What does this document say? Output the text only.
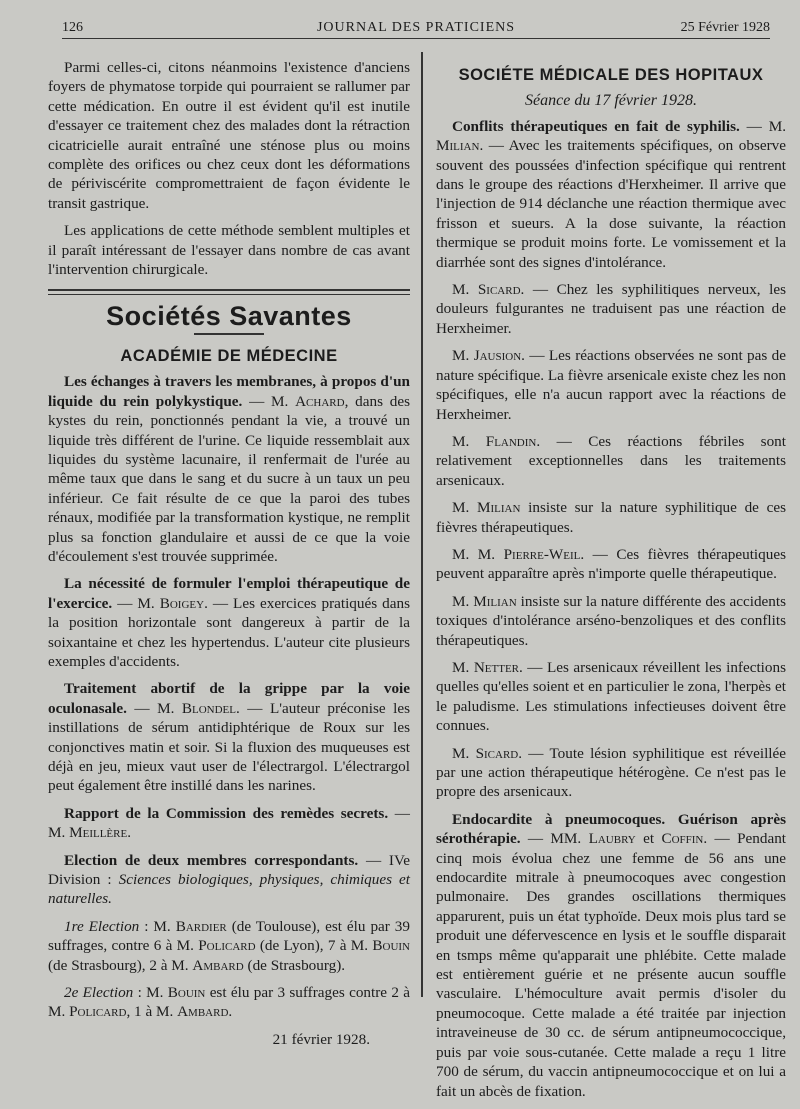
126	JOURNAL DES PRATICIENS	25 Février 1928

Parmi celles-ci, citons néanmoins l'existence d'anciens foyers de phymatose torpide qui pourraient se rallumer par cette médication. En outre il est évident qu'il est inutile d'essayer ce traitement chez des malades dont la rétraction cicatricielle aurait entraîné une sténose plus ou moins complète des orifices ou chez ceux dont les déformations de périviscérite compromettraient de façon évidente le transit gastrique.

Les applications de cette méthode semblent multiples et il paraît intéressant de l'essayer dans nombre de cas avant l'intervention chirurgicale.

Sociétés Savantes
ACADÉMIE DE MÉDECINE

Les échanges à travers les membranes, à propos d'un liquide du rein polykystique. — M. Achard, dans des kystes du rein, ponctionnés pendant la vie, a trouvé un liquide très différent de l'urine. Ce liquide ressemblait aux liquides du système lacunaire, il renfermait de l'urée au même taux que dans le sang et du sucre à un taux un peu inférieur. Ce fait résulte de ce que la paroi des tubes rénaux, modifiée par la transformation kystique, ne remplit plus sa fonction glandulaire et aussi de ce que la voie d'écoulement s'est trouvée supprimée.

La nécessité de formuler l'emploi thérapeutique de l'exercice. — M. Boigey. — Les exercices pratiqués dans la position horizontale sont dangereux à partir de la soixantaine et chez les hypertendus. L'auteur cite plusieurs exemples d'accidents.

Traitement abortif de la grippe par la voie oculonasale. — M. Blondel. — L'auteur préconise les instillations de sérum antidiphtérique de Roux sur les conjonctives matin et soir. Si la fluxion des muqueuses est déjà en jeu, mieux vaut user de l'électrargol. L'électrargol peut également être instillé dans les narines.

Rapport de la Commission des remèdes secrets. — M. Meillère.

Election de deux membres correspondants. — IVe Division : Sciences biologiques, physiques, chimiques et naturelles.

1re Election : M. Bardier (de Toulouse), est élu par 39 suffrages, contre 6 à M. Policard (de Lyon), 7 à M. Bouin (de Strasbourg), 2 à M. Ambard (de Strasbourg).

2e Election : M. Bouin est élu par 3 suffrages contre 2 à M. Policard, 1 à M. Ambard.

21 février 1928.
SOCIÉTE MÉDICALE DES HOPITAUX
Séance du 17 février 1928.

Conflits thérapeutiques en fait de syphilis. — M. Milian. — Avec les traitements spécifiques, on observe souvent des poussées d'infection spécifique qui rentrent dans le groupe des réactions d'Herxheimer. Il arrive que l'injection de 914 déclanche une réaction thermique avec frisson et sueurs. A la dose suivante, la réaction thermique se produit moins forte. Le vomissement et la diarrhée sont des signes d'intolérance.

M. Sicard. — Chez les syphilitiques nerveux, les douleurs fulgurantes ne traduisent pas une réaction de Herxheimer.

M. Jausion. — Les réactions observées ne sont pas de nature spécifique. La fièvre arsenicale existe chez les non spécifiques, elle n'a aucun rapport avec la réactions de Herxheimer.

M. Flandin. — Ces réactions fébriles sont relativement exceptionnelles dans les traitements arsenicaux.

M. Milian insiste sur la nature syphilitique de ces fièvres thérapeutiques.

M. M. Pierre-Weil. — Ces fièvres thérapeutiques peuvent apparaître après n'importe quelle thérapeutique.

M. Milian insiste sur la nature différente des accidents toxiques d'intolérance arséno-benzoliques et des conflits thérapeutiques.

M. Netter. — Les arsenicaux réveillent les infections quelles qu'elles soient et en particulier le zona, l'herpès et le paludisme. Les stimulations infectieuses doivent être connues.

M. Sicard. — Toute lésion syphilitique est réveillée par une action thérapeutique hétérogène. Ce n'est pas le propre des arsenicaux.

Endocardite à pneumocoques. Guérison après sérothérapie. — MM. Laubry et Coffin. — Pendant cinq mois évolua chez une femme de 56 ans une endocardite mitrale à pneumocoques avec congestion pulmonaire. Des grandes oscillations thermiques apparurent, puis un état typhoïde. Deux mois plus tard se produit une défervescence en lysis et le souffle disparait en tsmps même qu'apparait une phlébite. Cette malade est entièrement guérie et ne présente aucun souffle vasculaire. L'hémoculture avait permis d'isoler du pneumocoque. Cette malade a été traitée par injection intraveineuse de 30 cc. de sérum antipneumococcique, puis par voie sous-cutanée. Cette malade a reçu 1 litre 700 de sérum, du vaccin antipneumococcique et on lui a fait un abcès de fixation.
